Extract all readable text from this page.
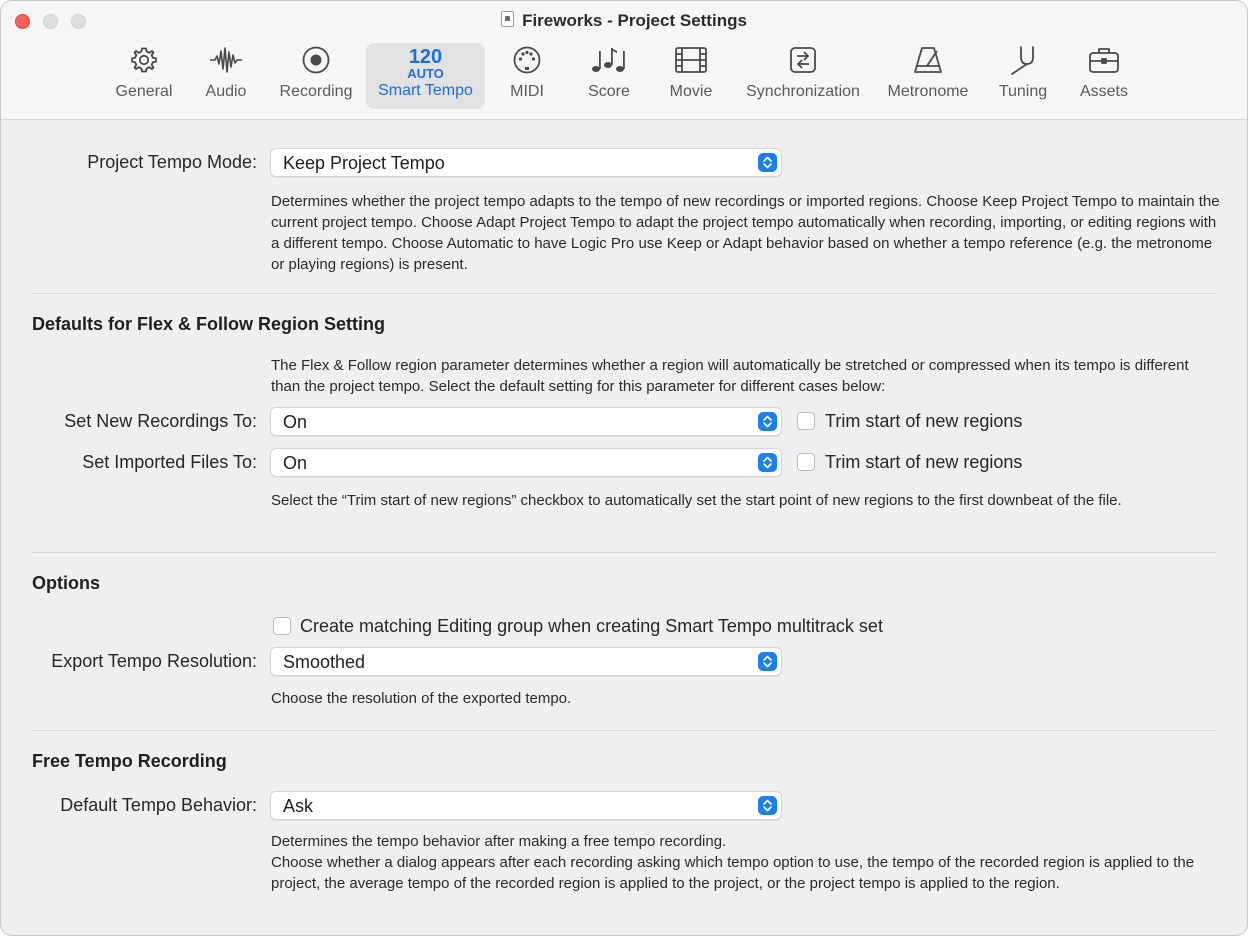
Fireworks - Project Settings
General	Audio	Recording
120
AUTO
Smart Tempo	MIDI	Score	Movie	Synchronization	Metronome	Tuning	Assets
Project Tempo Mode: Keep Project Tempo
Determines whether the project tempo adapts to the tempo of new recordings or imported regions. Choose Keep Project Tempo to maintain the current project tempo. Choose Adapt Project Tempo to adapt the project tempo automatically when recording, importing, or editing regions with a different tempo. Choose Automatic to have Logic Pro use Keep or Adapt behavior based on whether a tempo reference (e.g. the metronome or playing regions) is present.
Defaults for Flex & Follow Region Setting
The Flex & Follow region parameter determines whether a region will automatically be stretched or compressed when its tempo is different than the project tempo. Select the default setting for this parameter for different cases below:
Set New Recordings To: On	Trim start of new regions
Set Imported Files To: On	Trim start of new regions
Select the “Trim start of new regions” checkbox to automatically set the start point of new regions to the first downbeat of the file.
Options
Create matching Editing group when creating Smart Tempo multitrack set
Export Tempo Resolution: Smoothed
Choose the resolution of the exported tempo.
Free Tempo Recording
Default Tempo Behavior: Ask
Determines the tempo behavior after making a free tempo recording.
Choose whether a dialog appears after each recording asking which tempo option to use, the tempo of the recorded region is applied to the project, the average tempo of the recorded region is applied to the project, or the project tempo is applied to the region.
